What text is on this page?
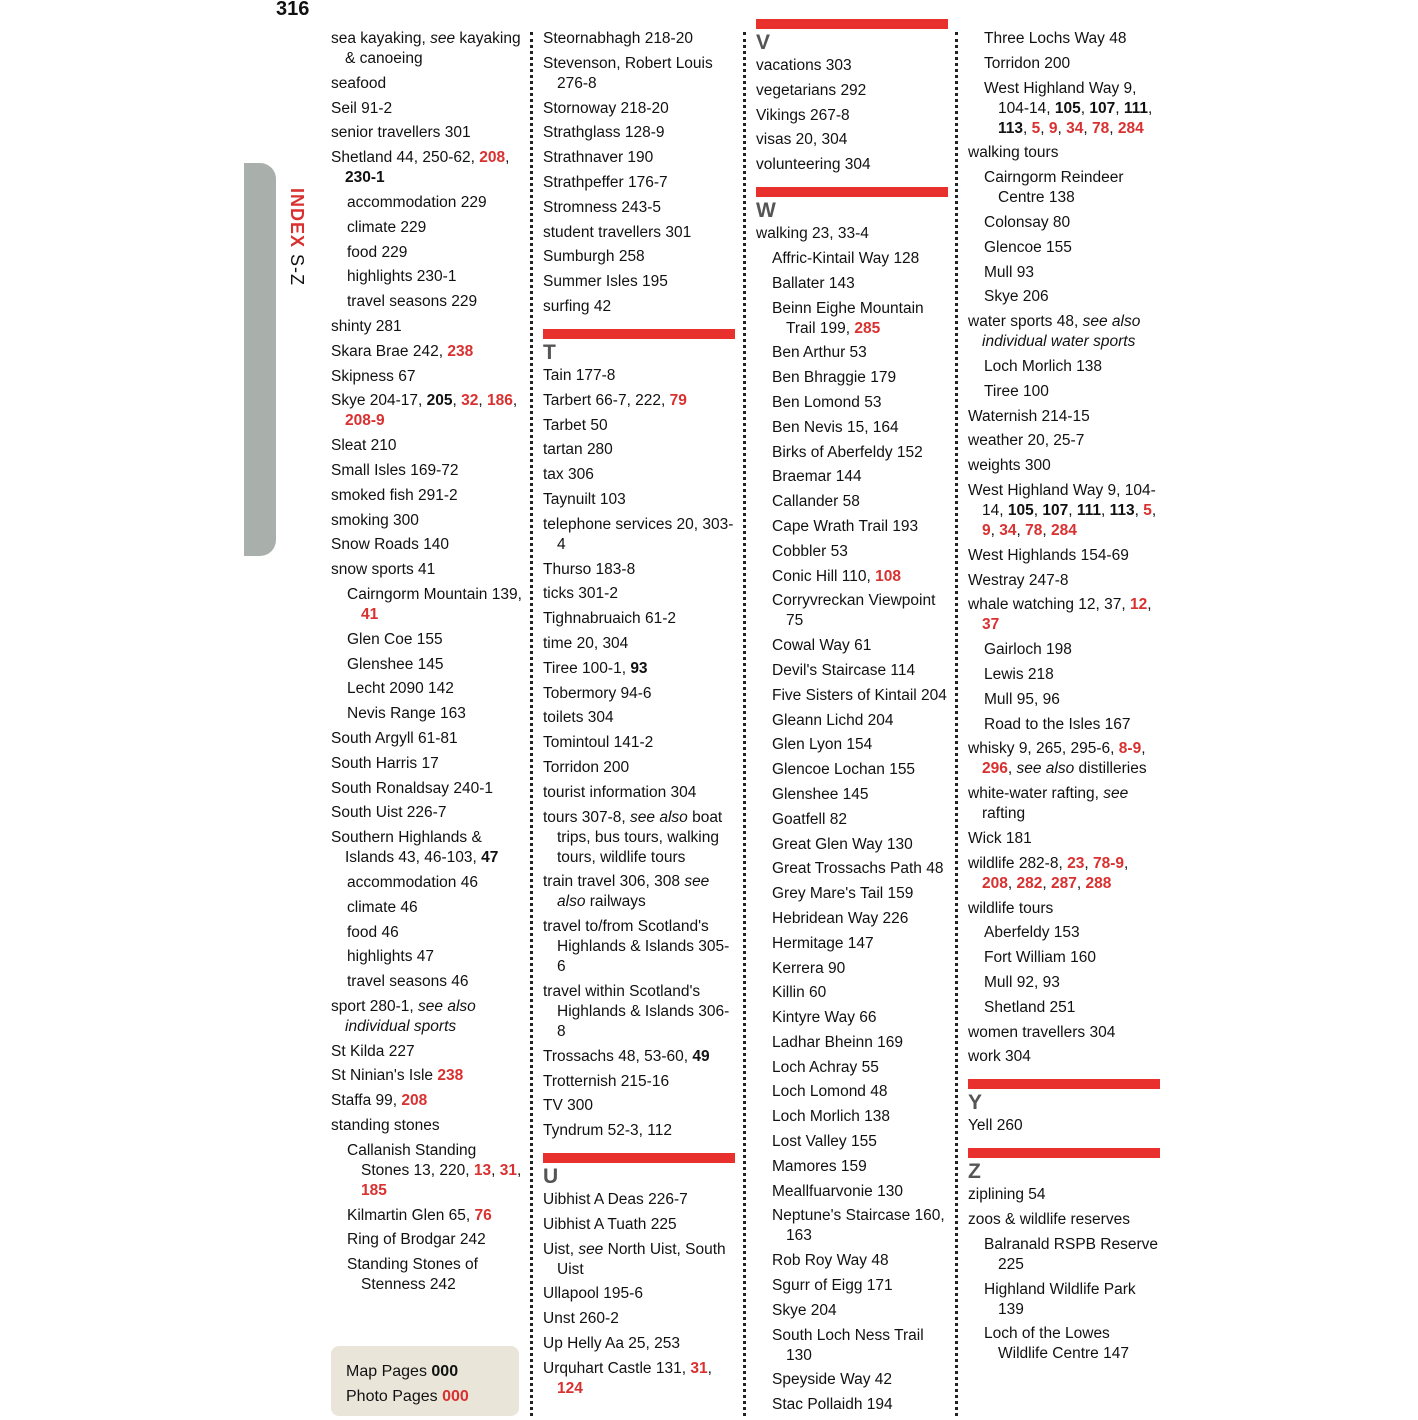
316
INDEX S-Z
sea kayaking, see kayaking & canoeing
seafood
Seil 91-2
senior travellers 301
Shetland 44, 250-62, 208, 230-1
accommodation 229
climate 229
food 229
highlights 230-1
travel seasons 229
shinty 281
Skara Brae 242, 238
Skipness 67
Skye 204-17, 205, 32, 186, 208-9
Sleat 210
Small Isles 169-72
smoked fish 291-2
smoking 300
Snow Roads 140
snow sports 41
Cairngorm Mountain 139, 41
Glen Coe 155
Glenshee 145
Lecht 2090 142
Nevis Range 163
South Argyll 61-81
South Harris 17
South Ronaldsay 240-1
South Uist 226-7
Southern Highlands & Islands 43, 46-103, 47
accommodation 46
climate 46
food 46
highlights 47
travel seasons 46
sport 280-1, see also individual sports
St Kilda 227
St Ninian's Isle 238
Staffa 99, 208
standing stones
Callanish Standing Stones 13, 220, 13, 31, 185
Kilmartin Glen 65, 76
Ring of Brodgar 242
Standing Stones of Stenness 242
Steornabhagh 218-20
Stevenson, Robert Louis 276-8
Stornoway 218-20
Strathglass 128-9
Strathnaver 190
Strathpeffer 176-7
Stromness 243-5
student travellers 301
Sumburgh 258
Summer Isles 195
surfing 42
T
Tain 177-8
Tarbert 66-7, 222, 79
Tarbet 50
tartan 280
tax 306
Taynuilt 103
telephone services 20, 303-4
Thurso 183-8
ticks 301-2
Tighnabruaich 61-2
time 20, 304
Tiree 100-1, 93
Tobermory 94-6
toilets 304
Tomintoul 141-2
Torridon 200
tourist information 304
tours 307-8, see also boat trips, bus tours, walking tours, wildlife tours
train travel 306, 308 see also railways
travel to/from Scotland's Highlands & Islands 305-6
travel within Scotland's Highlands & Islands 306-8
Trossachs 48, 53-60, 49
Trotternish 215-16
TV 300
Tyndrum 52-3, 112
U
Uibhist A Deas 226-7
Uibhist A Tuath 225
Uist, see North Uist, South Uist
Ullapool 195-6
Unst 260-2
Up Helly Aa 25, 253
Urquhart Castle 131, 31, 124
V
vacations 303
vegetarians 292
Vikings 267-8
visas 20, 304
volunteering 304
W
walking 23, 33-4
Affric-Kintail Way 128
Ballater 143
Beinn Eighe Mountain Trail 199, 285
Ben Arthur 53
Ben Bhraggie 179
Ben Lomond 53
Ben Nevis 15, 164
Birks of Aberfeldy 152
Braemar 144
Callander 58
Cape Wrath Trail 193
Cobbler 53
Conic Hill 110, 108
Corryvreckan Viewpoint 75
Cowal Way 61
Devil's Staircase 114
Five Sisters of Kintail 204
Gleann Lichd 204
Glen Lyon 154
Glencoe Lochan 155
Glenshee 145
Goatfell 82
Great Glen Way 130
Great Trossachs Path 48
Grey Mare's Tail 159
Hebridean Way 226
Hermitage 147
Kerrera 90
Killin 60
Kintyre Way 66
Ladhar Bheinn 169
Loch Achray 55
Loch Lomond 48
Loch Morlich 138
Lost Valley 155
Mamores 159
Meallfuarvonie 130
Neptune's Staircase 160, 163
Rob Roy Way 48
Sgurr of Eigg 171
Skye 204
South Loch Ness Trail 130
Speyside Way 42
Stac Pollaidh 194
Three Lochs Way 48
Torridon 200
West Highland Way 9, 104-14, 105, 107, 111, 113, 5, 9, 34, 78, 284
walking tours
Cairngorm Reindeer Centre 138
Colonsay 80
Glencoe 155
Mull 93
Skye 206
water sports 48, see also individual water sports
Loch Morlich 138
Tiree 100
Waternish 214-15
weather 20, 25-7
weights 300
West Highland Way 9, 104-14, 105, 107, 111, 113, 5, 9, 34, 78, 284
West Highlands 154-69
Westray 247-8
whale watching 12, 37, 12, 37
Gairloch 198
Lewis 218
Mull 95, 96
Road to the Isles 167
whisky 9, 265, 295-6, 8-9, 296, see also distilleries
white-water rafting, see rafting
Wick 181
wildlife 282-8, 23, 78-9, 208, 282, 287, 288
wildlife tours
Aberfeldy 153
Fort William 160
Mull 92, 93
Shetland 251
women travellers 304
work 304
Y
Yell 260
Z
ziplining 54
zoos & wildlife reserves
Balranald RSPB Reserve 225
Highland Wildlife Park 139
Loch of the Lowes Wildlife Centre 147
Map Pages 000
Photo Pages 000
